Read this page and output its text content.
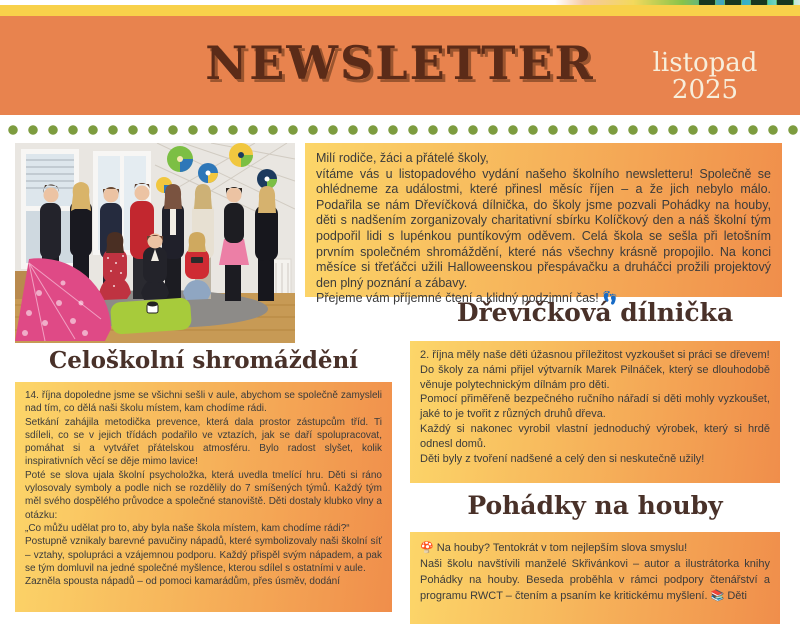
NEWSLETTER	listopad
2025

Milí rodiče, žáci a přátelé školy,

vítáme vás u listopadového vydání našeho školního newsletteru! Společně se ohlédneme za událostmi, které přinesl měsíc říjen – a že jich nebylo málo. Podařila se nám Dřevíčková dílnička, do školy jsme pozvali Pohádky na houby, děti s nadšením zorganizovaly charitativní sbírku Kolíčkový den a náš školní tým podpořil lidi s lupénkou puntíkovým oděvem. Celá škola se sešla při letošním prvním společném shromáždění, které nás všechny krásně propojilo. Na konci měsíce si třeťáčci užili Halloweenskou přespávačku a druháčci prožili projektový den plný poznání a zábavy.

Přejeme vám příjemné čtení a klidný podzimní čas! 👣

Celoškolní shromáždění

14. října dopoledne jsme se všichni sešli v aule, abychom se společně zamysleli nad tím, co dělá naši školu místem, kam chodíme rádi.

Setkání zahájila metodička prevence, která dala prostor zástupcům tříd. Ti sdíleli, co se v jejich třídách podařilo ve vztazích, jak se daří spolupracovat, pomáhat si a vytvářet přátelskou atmosféru. Bylo radost slyšet, kolik inspirativních věcí se děje mimo lavice!

Poté se slova ujala školní psycholožka, která uvedla tmelící hru. Děti si ráno vylosovaly symboly a podle nich se rozdělily do 7 smíšených týmů. Každý tým měl svého dospělého průvodce a společné stanoviště. Děti dostaly klubko vlny a otázku:

„Co můžu udělat pro to, aby byla naše škola místem, kam chodíme rádi?“

Postupně vznikaly barevné pavučiny nápadů, které symbolizovaly naši školní síť – vztahy, spolupráci a vzájemnou podporu. Každý přispěl svým nápadem, a pak se tým domluvil na jedné společné myšlence, kterou sdílel s ostatními v aule.

Zazněla spousta nápadů – od pomoci kamarádům, přes úsměv, dodání

Dřevíčková dílnička

2. října měly naše děti úžasnou příležitost vyzkoušet si práci se dřevem!

Do školy za námi přijel výtvarník Marek Pilnáček, který se dlouhodobě věnuje polytechnickým dílnám pro děti.

Pomocí přiměřeně bezpečného ručního nářadí si děti mohly vyzkoušet, jaké to je tvořit z různých druhů dřeva.

Každý si nakonec vyrobil vlastní jednoduchý výrobek, který si hrdě odnesl domů.

Děti byly z tvoření nadšené a celý den si neskutečně užily!

Pohádky na houby

🍄 Na houby? Tentokrát v tom nejlepším slova smyslu!

Naši školu navštívili manželé Skřivánkovi – autor a ilustrátorka knihy Pohádky na houby. Beseda proběhla v rámci podpory čtenářství a programu RWCT – čtením a psaním ke kritickému myšlení. 📚 Děti
